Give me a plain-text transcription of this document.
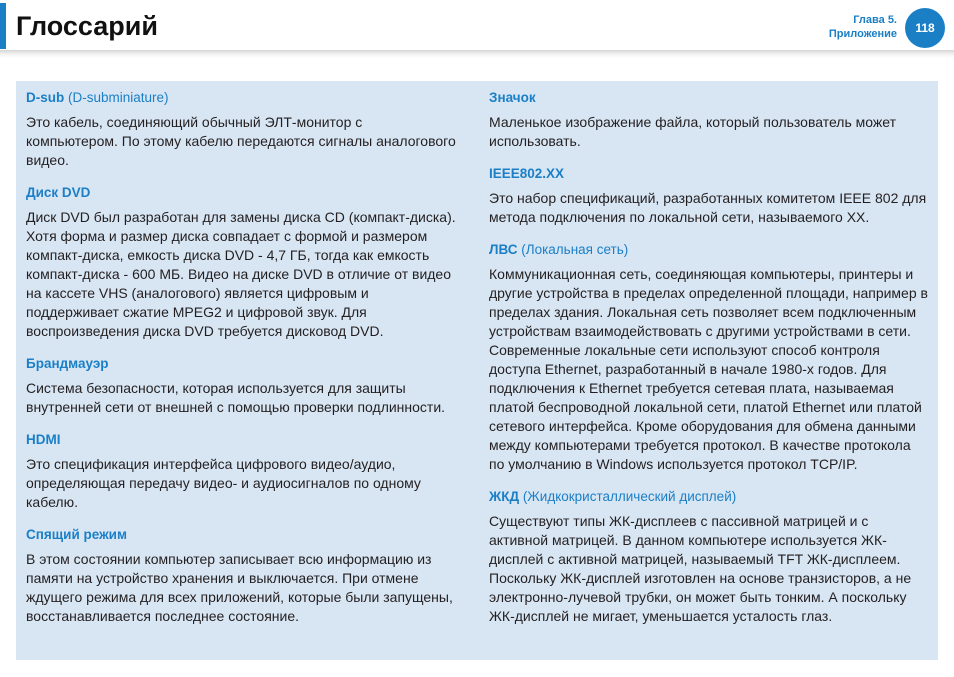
Глоссарий	Глава 5.
Приложение	118

D-sub (D-subminiature)

Это кабель, соединяющий обычный ЭЛТ-монитор с компьютером. По этому кабелю передаются сигналы аналогового видео.

Диск DVD

Диск DVD был разработан для замены диска CD (компакт-диска). Хотя форма и размер диска совпадает с формой и размером компакт-диска, емкость диска DVD - 4,7 ГБ, тогда как емкость компакт-диска - 600 МБ. Видео на диске DVD в отличие от видео на кассете VHS (аналогового) является цифровым и поддерживает сжатие MPEG2 и цифровой звук. Для воспроизведения диска DVD требуется дисковод DVD.

Брандмауэр

Система безопасности, которая используется для защиты внутренней сети от внешней с помощью проверки подлинности.

HDMI

Это спецификация интерфейса цифрового видео/аудио, определяющая передачу видео- и аудиосигналов по одному кабелю.

Спящий режим

В этом состоянии компьютер записывает всю информацию из памяти на устройство хранения и выключается. При отмене ждущего режима для всех приложений, которые были запущены, восстанавливается последнее состояние.

Значок

Маленькое изображение файла, который пользователь может использовать.

IEEE802.XX

Это набор спецификаций, разработанных комитетом IEEE 802 для метода подключения по локальной сети, называемого XX.

ЛВС (Локальная сеть)

Коммуникационная сеть, соединяющая компьютеры, принтеры и другие устройства в пределах определенной площади, например в пределах здания. Локальная сеть позволяет всем подключенным устройствам взаимодействовать с другими устройствами в сети. Современные локальные сети используют способ контроля доступа Ethernet, разработанный в начале 1980-х годов. Для подключения к Ethernet требуется сетевая плата, называемая платой беспроводной локальной сети, платой Ethernet или платой сетевого интерфейса. Кроме оборудования для обмена данными между компьютерами требуется протокол. В качестве протокола по умолчанию в Windows используется протокол TCP/IP.

ЖКД (Жидкокристаллический дисплей)

Существуют типы ЖК-дисплеев с пассивной матрицей и с активной матрицей. В данном компьютере используется ЖК-дисплей с активной матрицей, называемый TFT ЖК-дисплеем. Поскольку ЖК-дисплей изготовлен на основе транзисторов, а не электронно-лучевой трубки, он может быть тонким. А поскольку ЖК-дисплей не мигает, уменьшается усталость глаз.
